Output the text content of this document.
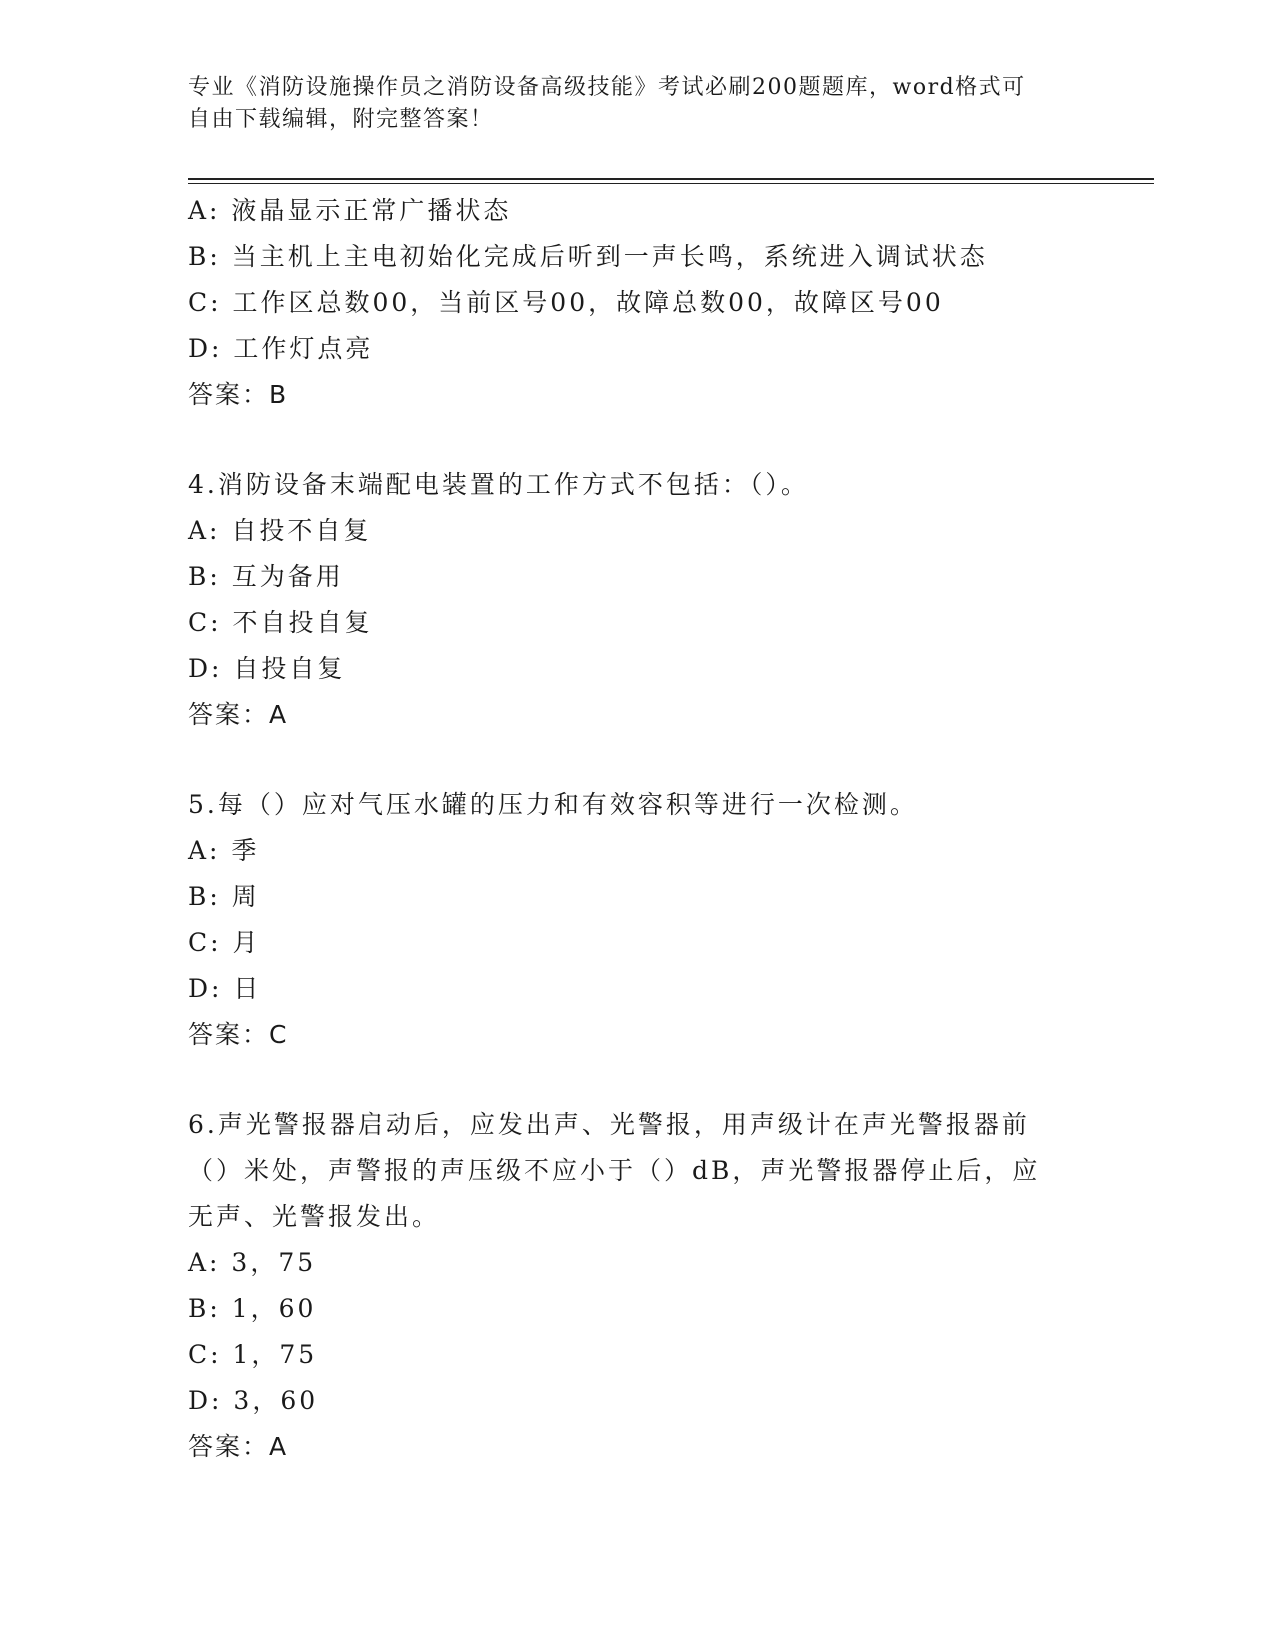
专业《消防设施操作员之消防设备高级技能》考试必刷200题题库，word格式可
自由下载编辑，附完整答案！
A: 液晶显示正常广播状态
B: 当主机上主电初始化完成后听到一声长鸣，系统进入调试状态
C: 工作区总数00，当前区号00，故障总数00，故障区号00
D: 工作灯点亮
答案：B
4.消防设备末端配电装置的工作方式不包括：（）。
A: 自投不自复
B: 互为备用
C: 不自投自复
D: 自投自复
答案：A
5.每（）应对气压水罐的压力和有效容积等进行一次检测。
A: 季
B: 周
C: 月
D: 日
答案：C
6.声光警报器启动后，应发出声、光警报，用声级计在声光警报器前
（）米处，声警报的声压级不应小于（）dB，声光警报器停止后，应
无声、光警报发出。
A: 3，75
B: 1，60
C: 1，75
D: 3，60
答案：A
